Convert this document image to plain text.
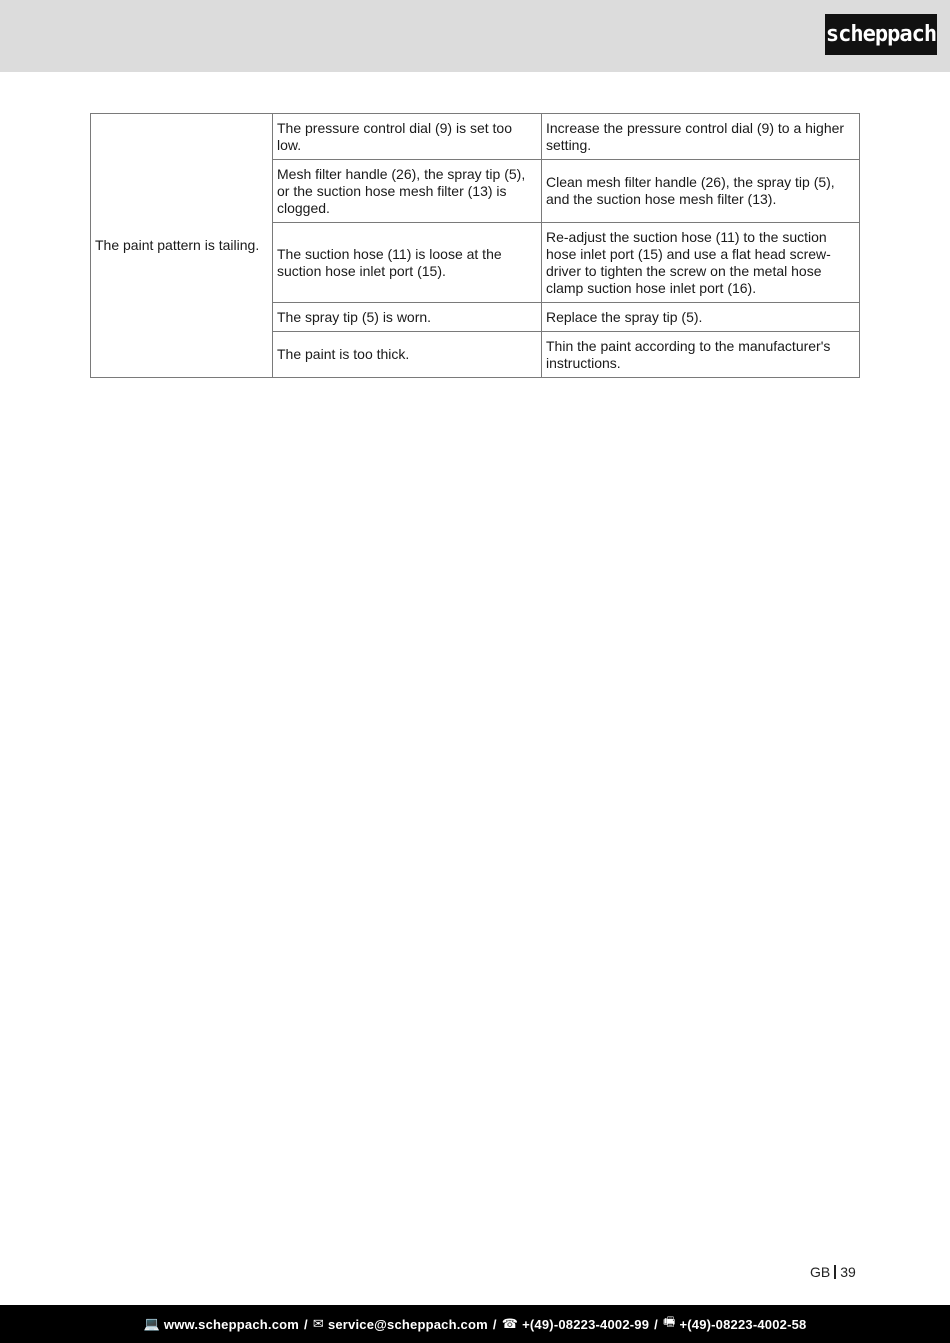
scheppach
The paint pattern is tailing.	The pressure control dial (9) is set too low.	Increase the pressure control dial (9) to a higher setting.
	Mesh filter handle (26), the spray tip (5), or the suction hose mesh filter (13) is clogged.	Clean mesh filter handle (26), the spray tip (5), and the suction hose mesh filter (13).
	The suction hose (11) is loose at the suction hose inlet port (15).	Re-adjust the suction hose (11) to the suction hose inlet port (15) and use a flat head screw-driver to tighten the screw on the metal hose clamp suction hose inlet port (16).
	The spray tip (5) is worn.	Replace the spray tip (5).
	The paint is too thick.	Thin the paint according to the manufacturer's instructions.
GB 39
💻 www.scheppach.com / ✉ service@scheppach.com / ☎ +(49)-08223-4002-99 / 🖷 +(49)-08223-4002-58
